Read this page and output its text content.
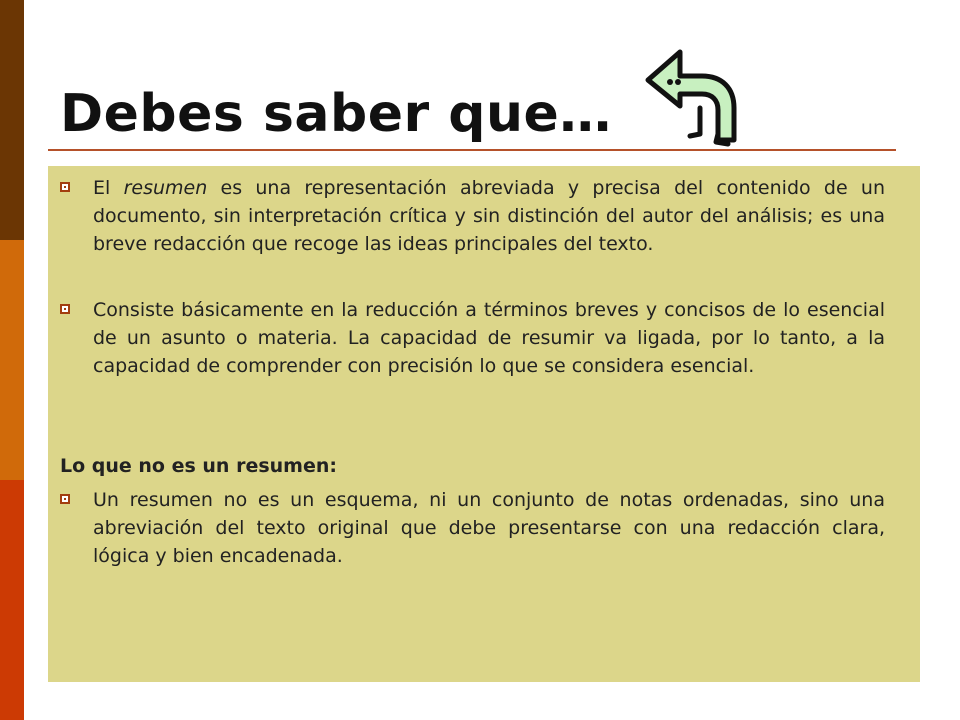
Debes saber que…
El resumen es una representación abreviada y precisa del contenido de un documento, sin interpretación crítica y sin distinción del autor del análisis; es una breve redacción que recoge las ideas principales del texto.
Consiste básicamente en la reducción a términos breves y concisos de lo esencial de un asunto o materia. La capacidad de resumir va ligada, por lo tanto, a la capacidad de comprender con precisión lo que se considera esencial.
Lo que no es un resumen:
Un resumen no es un esquema, ni un conjunto de notas ordenadas, sino una abreviación del texto original que debe presentarse con una redacción clara, lógica y bien encadenada.
